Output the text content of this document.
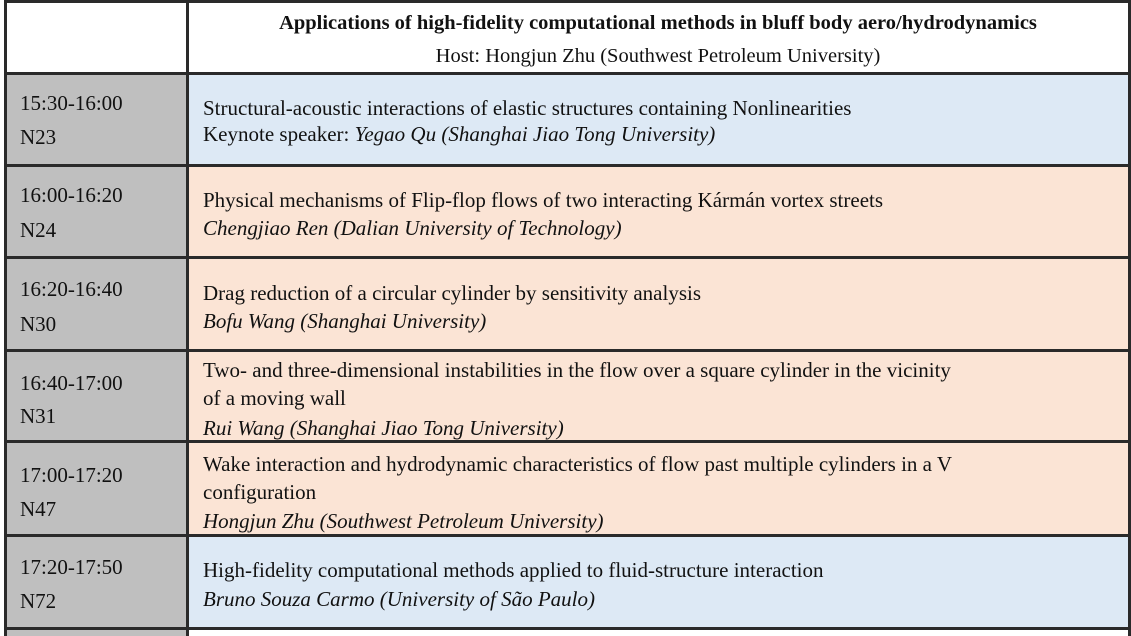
Applications of high-fidelity computational methods in bluff body aero/hydrodynamics
Host: Hongjun Zhu (Southwest Petroleum University)
15:30-16:00
N23
Structural-acoustic interactions of elastic structures containing Nonlinearities
Keynote speaker: Yegao Qu (Shanghai Jiao Tong University)
16:00-16:20
N24
Physical mechanisms of Flip-flop flows of two interacting Kármán vortex streets
Chengjiao Ren (Dalian University of Technology)
16:20-16:40
N30
Drag reduction of a circular cylinder by sensitivity analysis
Bofu Wang (Shanghai University)
16:40-17:00
N31
Two- and three-dimensional instabilities in the flow over a square cylinder in the vicinity
of a moving wall
Rui Wang (Shanghai Jiao Tong University)
17:00-17:20
N47
Wake interaction and hydrodynamic characteristics of flow past multiple cylinders in a V
configuration
Hongjun Zhu (Southwest Petroleum University)
17:20-17:50
N72
High-fidelity computational methods applied to fluid-structure interaction
Bruno Souza Carmo (University of São Paulo)
